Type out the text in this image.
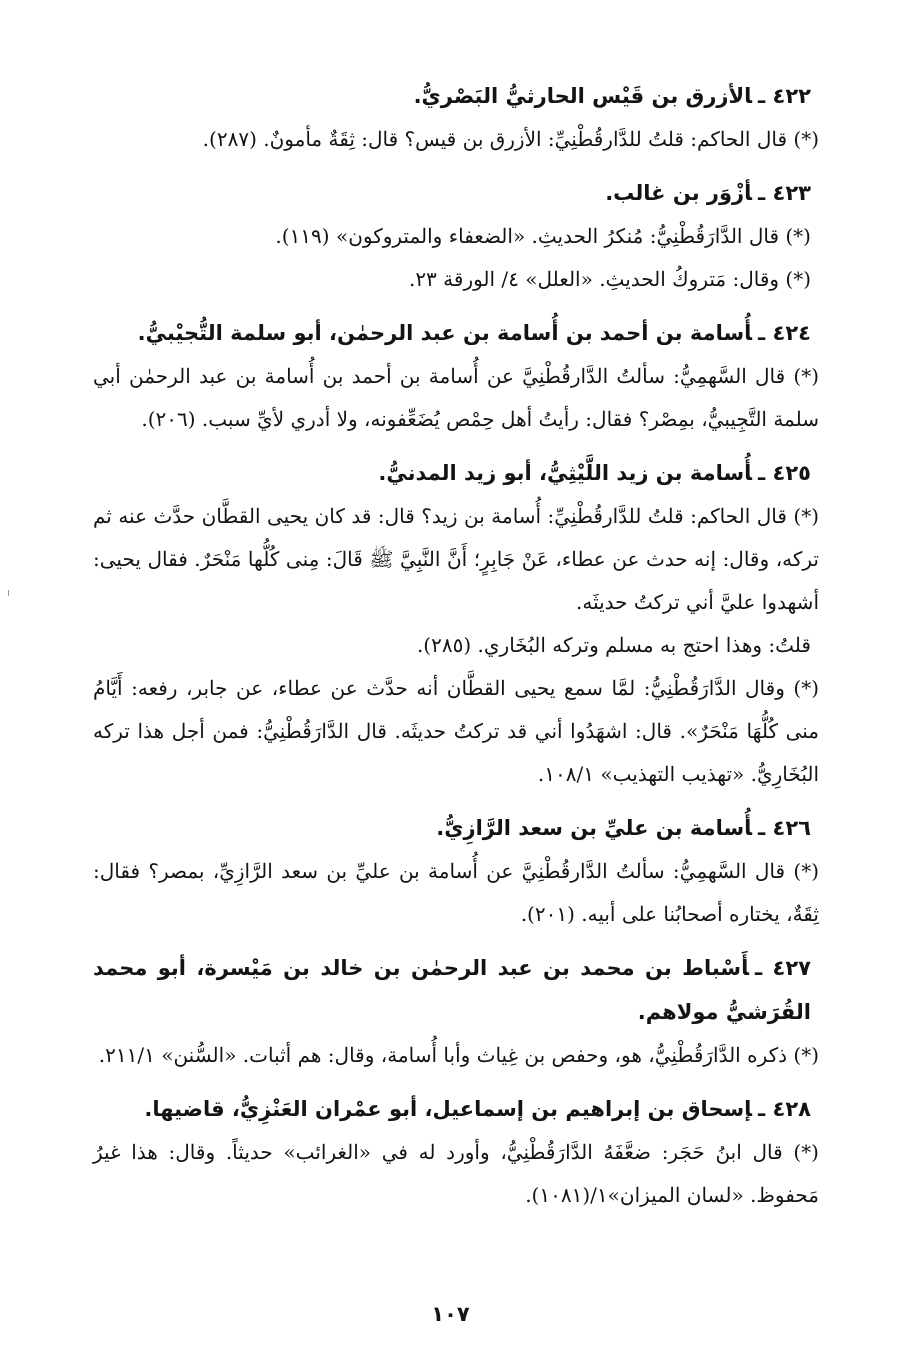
٤٢٢ ـالأزرق بن قَيْس الحارثيُّ البَصْريُّ.

(*) قال الحاكم: قلتُ للدَّارقُطْنِيِّ: الأزرق بن قيس؟ قال: ثِقَةٌ مأمونٌ. (٢٨٧).

٤٢٣ ـأزْوَر بن غالب.

(*) قال الدَّارَقُطْنِيُّ: مُنكرُ الحديثِ. «الضعفاء والمتروكون» (١١٩).

(*) وقال: مَتروكُ الحديثِ. «العلل» ٤/ الورقة ٢٣.

٤٢٤ ـأُسامة بن أحمد بن أُسامة بن عبد الرحمٰن، أبو سلمة التُّجيْبيُّ.

(*) قال السَّهمِيُّ: سألتُ الدَّارقُطْنِيَّ عن أُسامة بن أحمد بن أُسامة بن عبد الرحمٰن أبي سلمة التَّجِيبيُّ، بمِصْر؟ فقال: رأيتُ أهل حِمْص يُضَعِّفونه، ولا أدري لأيِّ سبب. (٢٠٦).

٤٢٥ ـأُسامة بن زيد اللَّيْثِيُّ، أبو زيد المدنيُّ.

(*) قال الحاكم: قلتُ للدَّارقُطْنِيِّ: أُسامة بن زيد؟ قال: قد كان يحيى القطَّان حدَّث عنه ثم تركه، وقال: إنه حدث عن عطاء، عَنْ جَابِرٍ؛ أَنَّ النَّبِيَّ ﷺ قَالَ: مِنى كُلُّها مَنْحَرٌ. فقال يحيى: أشهدوا عليَّ أني تركتُ حديثَه.

قلتُ: وهذا احتج به مسلم وتركه البُخَاري. (٢٨٥).

(*) وقال الدَّارَقُطْنِيُّ: لمَّا سمع يحيى القطَّان أنه حدَّث عن عطاء، عن جابر، رفعه: أَيَّامُ منى كُلُّهَا مَنْحَرٌ». قال: اشهَدُوا أني قد تركتُ حديثَه. قال الدَّارَقُطْنِيُّ: فمن أجل هذا تركه البُخَارِيُّ. «تهذيب التهذيب» ١٠٨/١.

٤٢٦ ـأُسامة بن عليِّ بن سعد الرَّازِيُّ.

(*) قال السَّهمِيُّ: سألتُ الدَّارقُطْنِيَّ عن أُسامة بن عليِّ بن سعد الرَّازِيِّ، بمصر؟ فقال: ثِقَةٌ، يختاره أصحابُنا على أبيه. (٢٠١).

٤٢٧ ـأَسْباط بن محمد بن عبد الرحمٰن بن خالد بن مَيْسرة، أبو محمد القُرَشيُّ مولاهم.

(*) ذكره الدَّارَقُطْنِيُّ، هو، وحفص بن غِياث وأبا أُسامة، وقال: هم أثبات. «السُّنن» ٢١١/١.

٤٢٨ ـإسحاق بن إبراهيم بن إسماعيل، أبو عمْران العَنْزِيُّ، قاضيها.

(*) قال ابنُ حَجَر: ضعَّفَهُ الدَّارَقُطْنِيُّ، وأورد له في «الغرائب» حديثاً. وقال: هذا غيرُ مَحفوظ. «لسان الميزان»١/(١٠٨١).

١٠٧
